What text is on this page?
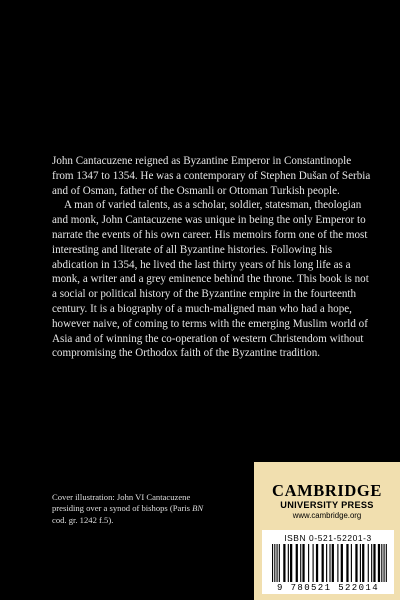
John Cantacuzene reigned as Byzantine Emperor in Constantinople from 1347 to 1354. He was a contemporary of Stephen Dušan of Serbia and of Osman, father of the Osmanli or Ottoman Turkish people.

A man of varied talents, as a scholar, soldier, statesman, theologian and monk, John Cantacuzene was unique in being the only Emperor to narrate the events of his own career. His memoirs form one of the most interesting and literate of all Byzantine histories. Following his abdication in 1354, he lived the last thirty years of his long life as a monk, a writer and a grey eminence behind the throne. This book is not a social or political history of the Byzantine empire in the fourteenth century. It is a biography of a much-maligned man who had a hope, however naive, of coming to terms with the emerging Muslim world of Asia and of winning the co-operation of western Christendom without compromising the Orthodox faith of the Byzantine tradition.

Cover illustration: John VI Cantacuzene presiding over a synod of bishops (Paris BN cod. gr. 1242 f.5).
CAMBRIDGE
UNIVERSITY PRESS
www.cambridge.org
ISBN 0-521-52201-3
9 780521 522014
